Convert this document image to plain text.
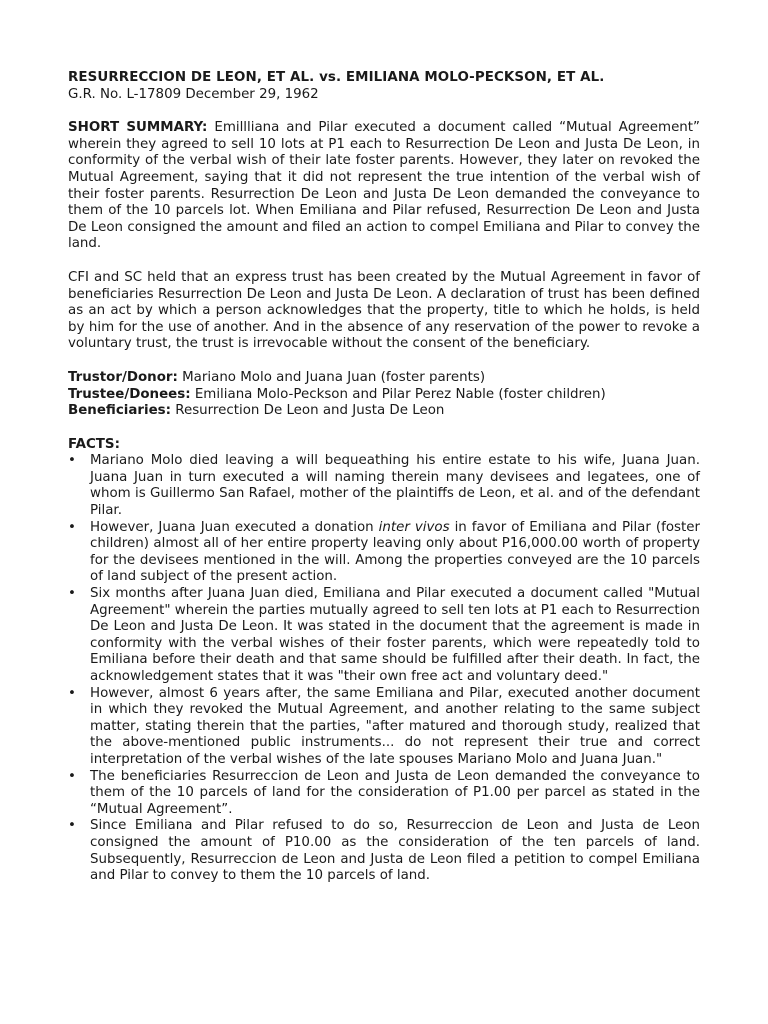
RESURRECCION DE LEON, ET AL. vs. EMILIANA MOLO-PECKSON, ET AL.
G.R. No. L-17809 December 29, 1962

SHORT SUMMARY: Emillliana and Pilar executed a document called “Mutual Agreement” wherein they agreed to sell 10 lots at P1 each to Resurrection De Leon and Justa De Leon, in conformity of the verbal wish of their late foster parents. However, they later on revoked the Mutual Agreement, saying that it did not represent the true intention of the verbal wish of their foster parents. Resurrection De Leon and Justa De Leon demanded the conveyance to them of the 10 parcels lot. When Emiliana and Pilar refused, Resurrection De Leon and Justa De Leon consigned the amount and filed an action to compel Emiliana and Pilar to convey the land.

CFI and SC held that an express trust has been created by the Mutual Agreement in favor of beneficiaries Resurrection De Leon and Justa De Leon. A declaration of trust has been defined as an act by which a person acknowledges that the property, title to which he holds, is held by him for the use of another. And in the absence of any reservation of the power to revoke a voluntary trust, the trust is irrevocable without the consent of the beneficiary.

Trustor/Donor: Mariano Molo and Juana Juan (foster parents)
Trustee/Donees: Emiliana Molo-Peckson and Pilar Perez Nable (foster children)
Beneficiaries: Resurrection De Leon and Justa De Leon
FACTS:
• Mariano Molo died leaving a will bequeathing his entire estate to his wife, Juana Juan. Juana Juan in turn executed a will naming therein many devisees and legatees, one of whom is Guillermo San Rafael, mother of the plaintiffs de Leon, et al. and of the defendant Pilar.
• However, Juana Juan executed a donation inter vivos in favor of Emiliana and Pilar (foster children) almost all of her entire property leaving only about P16,000.00 worth of property for the devisees mentioned in the will. Among the properties conveyed are the 10 parcels of land subject of the present action.
• Six months after Juana Juan died, Emiliana and Pilar executed a document called "Mutual Agreement" wherein the parties mutually agreed to sell ten lots at P1 each to Resurrection De Leon and Justa De Leon. It was stated in the document that the agreement is made in conformity with the verbal wishes of their foster parents, which were repeatedly told to Emiliana before their death and that same should be fulfilled after their death. In fact, the acknowledgement states that it was "their own free act and voluntary deed."
• However, almost 6 years after, the same Emiliana and Pilar, executed another document in which they revoked the Mutual Agreement, and another relating to the same subject matter, stating therein that the parties, "after matured and thorough study, realized that the above-mentioned public instruments... do not represent their true and correct interpretation of the verbal wishes of the late spouses Mariano Molo and Juana Juan."
• The beneficiaries Resurreccion de Leon and Justa de Leon demanded the conveyance to them of the 10 parcels of land for the consideration of P1.00 per parcel as stated in the “Mutual Agreement”.
• Since Emiliana and Pilar refused to do so, Resurreccion de Leon and Justa de Leon consigned the amount of P10.00 as the consideration of the ten parcels of land. Subsequently, Resurreccion de Leon and Justa de Leon filed a petition to compel Emiliana and Pilar to convey to them the 10 parcels of land.
